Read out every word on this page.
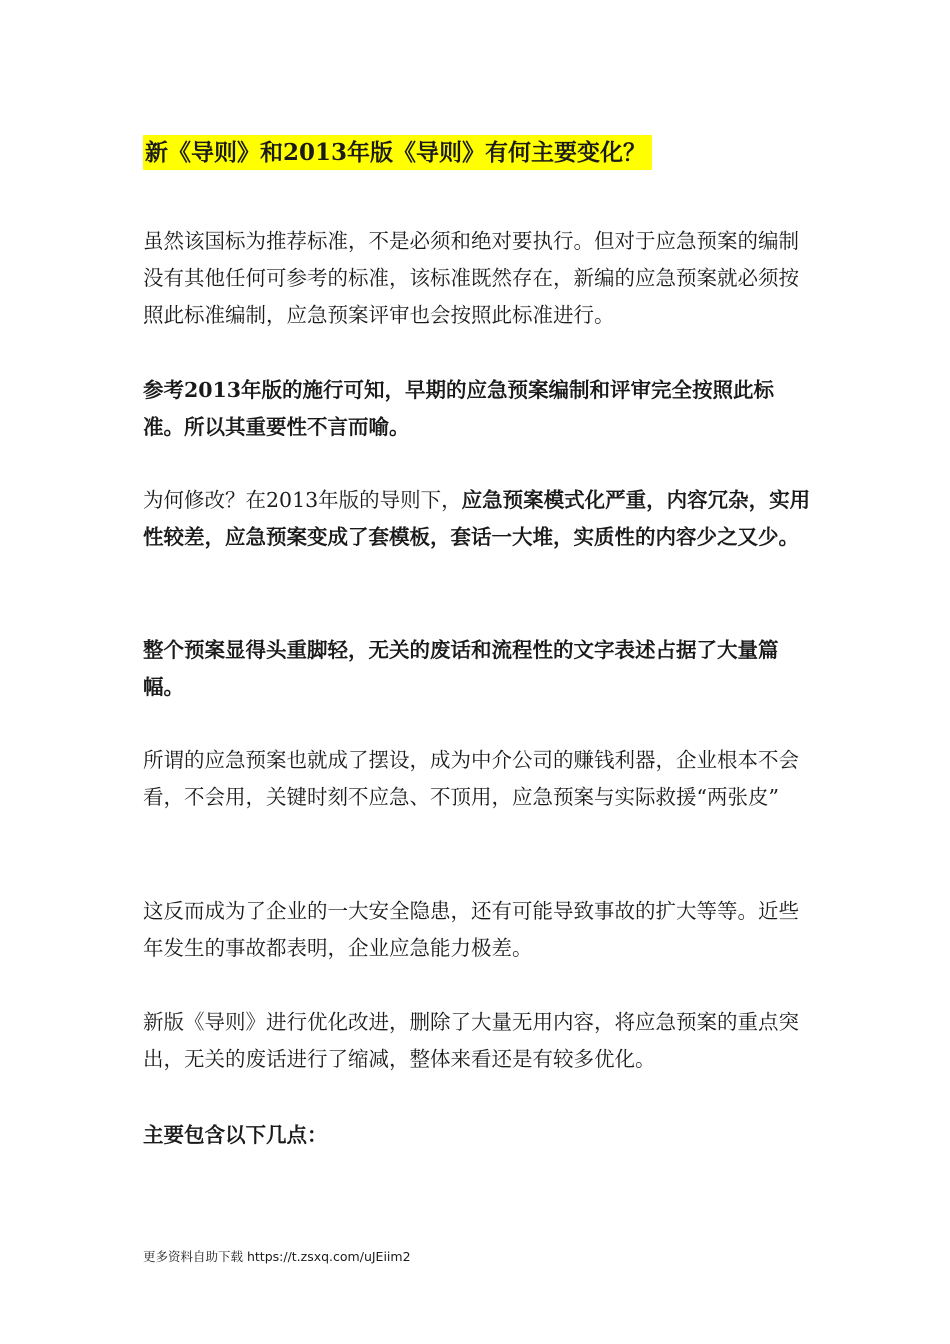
新《导则》和2013年版《导则》有何主要变化？

虽然该国标为推荐标准，不是必须和绝对要执行。但对于应急预案的编制没有其他任何可参考的标准，该标准既然存在，新编的应急预案就必须按照此标准编制，应急预案评审也会按照此标准进行。

参考2013年版的施行可知，早期的应急预案编制和评审完全按照此标准。所以其重要性不言而喻。

为何修改？在2013年版的导则下，应急预案模式化严重，内容冗杂，实用性较差，应急预案变成了套模板，套话一大堆，实质性的内容少之又少。

整个预案显得头重脚轻，无关的废话和流程性的文字表述占据了大量篇幅。

所谓的应急预案也就成了摆设，成为中介公司的赚钱利器，企业根本不会看，不会用，关键时刻不应急、不顶用，应急预案与实际救援“两张皮”

这反而成为了企业的一大安全隐患，还有可能导致事故的扩大等等。近些年发生的事故都表明，企业应急能力极差。

新版《导则》进行优化改进，删除了大量无用内容，将应急预案的重点突出，无关的废话进行了缩减，整体来看还是有较多优化。

主要包含以下几点：

更多资料自助下载 https://t.zsxq.com/uJEiim2
